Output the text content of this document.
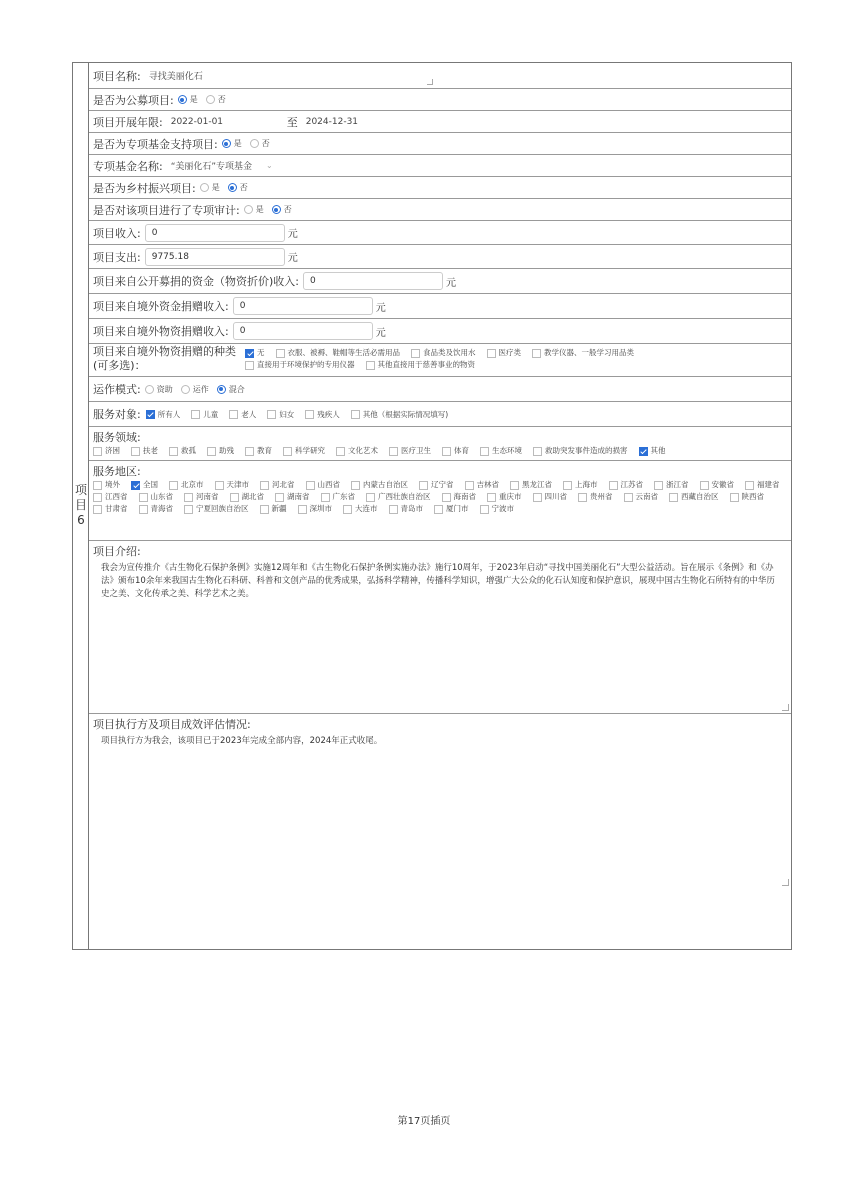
项目6
项目名称: 寻找美丽化石
是否为公募项目: 是	否
项目开展年限: 2022-01-01	至 2024-12-31
是否为专项基金支持项目: 是	否
专项基金名称: “美丽化石”专项基金 ⌄
是否为乡村振兴项目: 是	否
是否对该项目进行了专项审计: 是	否
项目收入:	0	元
项目支出:	9775.18	元
项目来自公开募捐的资金（物资折价)收入:	0	元
项目来自境外资金捐赠收入:	0	元
项目来自境外物资捐赠收入:	0	元
项目来自境外物资捐赠的种类
(可多选)：
无	衣服、被褥、鞋帽等生活必需用品	食品类及饮用水	医疗类	教学仪器、一般学习用品类
直接用于环境保护的专用仪器	其他直接用于慈善事业的物资
运作模式: 资助	运作	混合
服务对象: 所有人	儿童	老人	妇女	残疾人	其他（根据实际情况填写)
服务领域:
济困	扶老	救孤	助残	教育	科学研究	文化艺术	医疗卫生	体育	生态环境	救助突发事件造成的损害	其他
服务地区:
境外	全国	北京市	天津市	河北省	山西省	内蒙古自治区	辽宁省	吉林省	黑龙江省	上海市	江苏省	浙江省	安徽省	福建省
江西省	山东省	河南省	湖北省	湖南省	广东省	广西壮族自治区	海南省	重庆市	四川省	贵州省	云南省	西藏自治区	陕西省
甘肃省	青海省	宁夏回族自治区	新疆	深圳市	大连市	青岛市	厦门市	宁波市
项目介绍:
我会为宣传推介《古生物化石保护条例》实施12周年和《古生物化石保护条例实施办法》施行10周年，于2023年启动“寻找中国美丽化石”大型公益活动。旨在展示《条例》和《办法》颁布10余年来我国古生物化石科研、科普和文创产品的优秀成果，弘扬科学精神，传播科学知识，增强广大公众的化石认知度和保护意识，展现中国古生物化石所特有的中华历史之美、文化传承之美、科学艺术之美。
项目执行方及项目成效评估情况:
项目执行方为我会，该项目已于2023年完成全部内容，2024年正式收尾。
第17页插页
